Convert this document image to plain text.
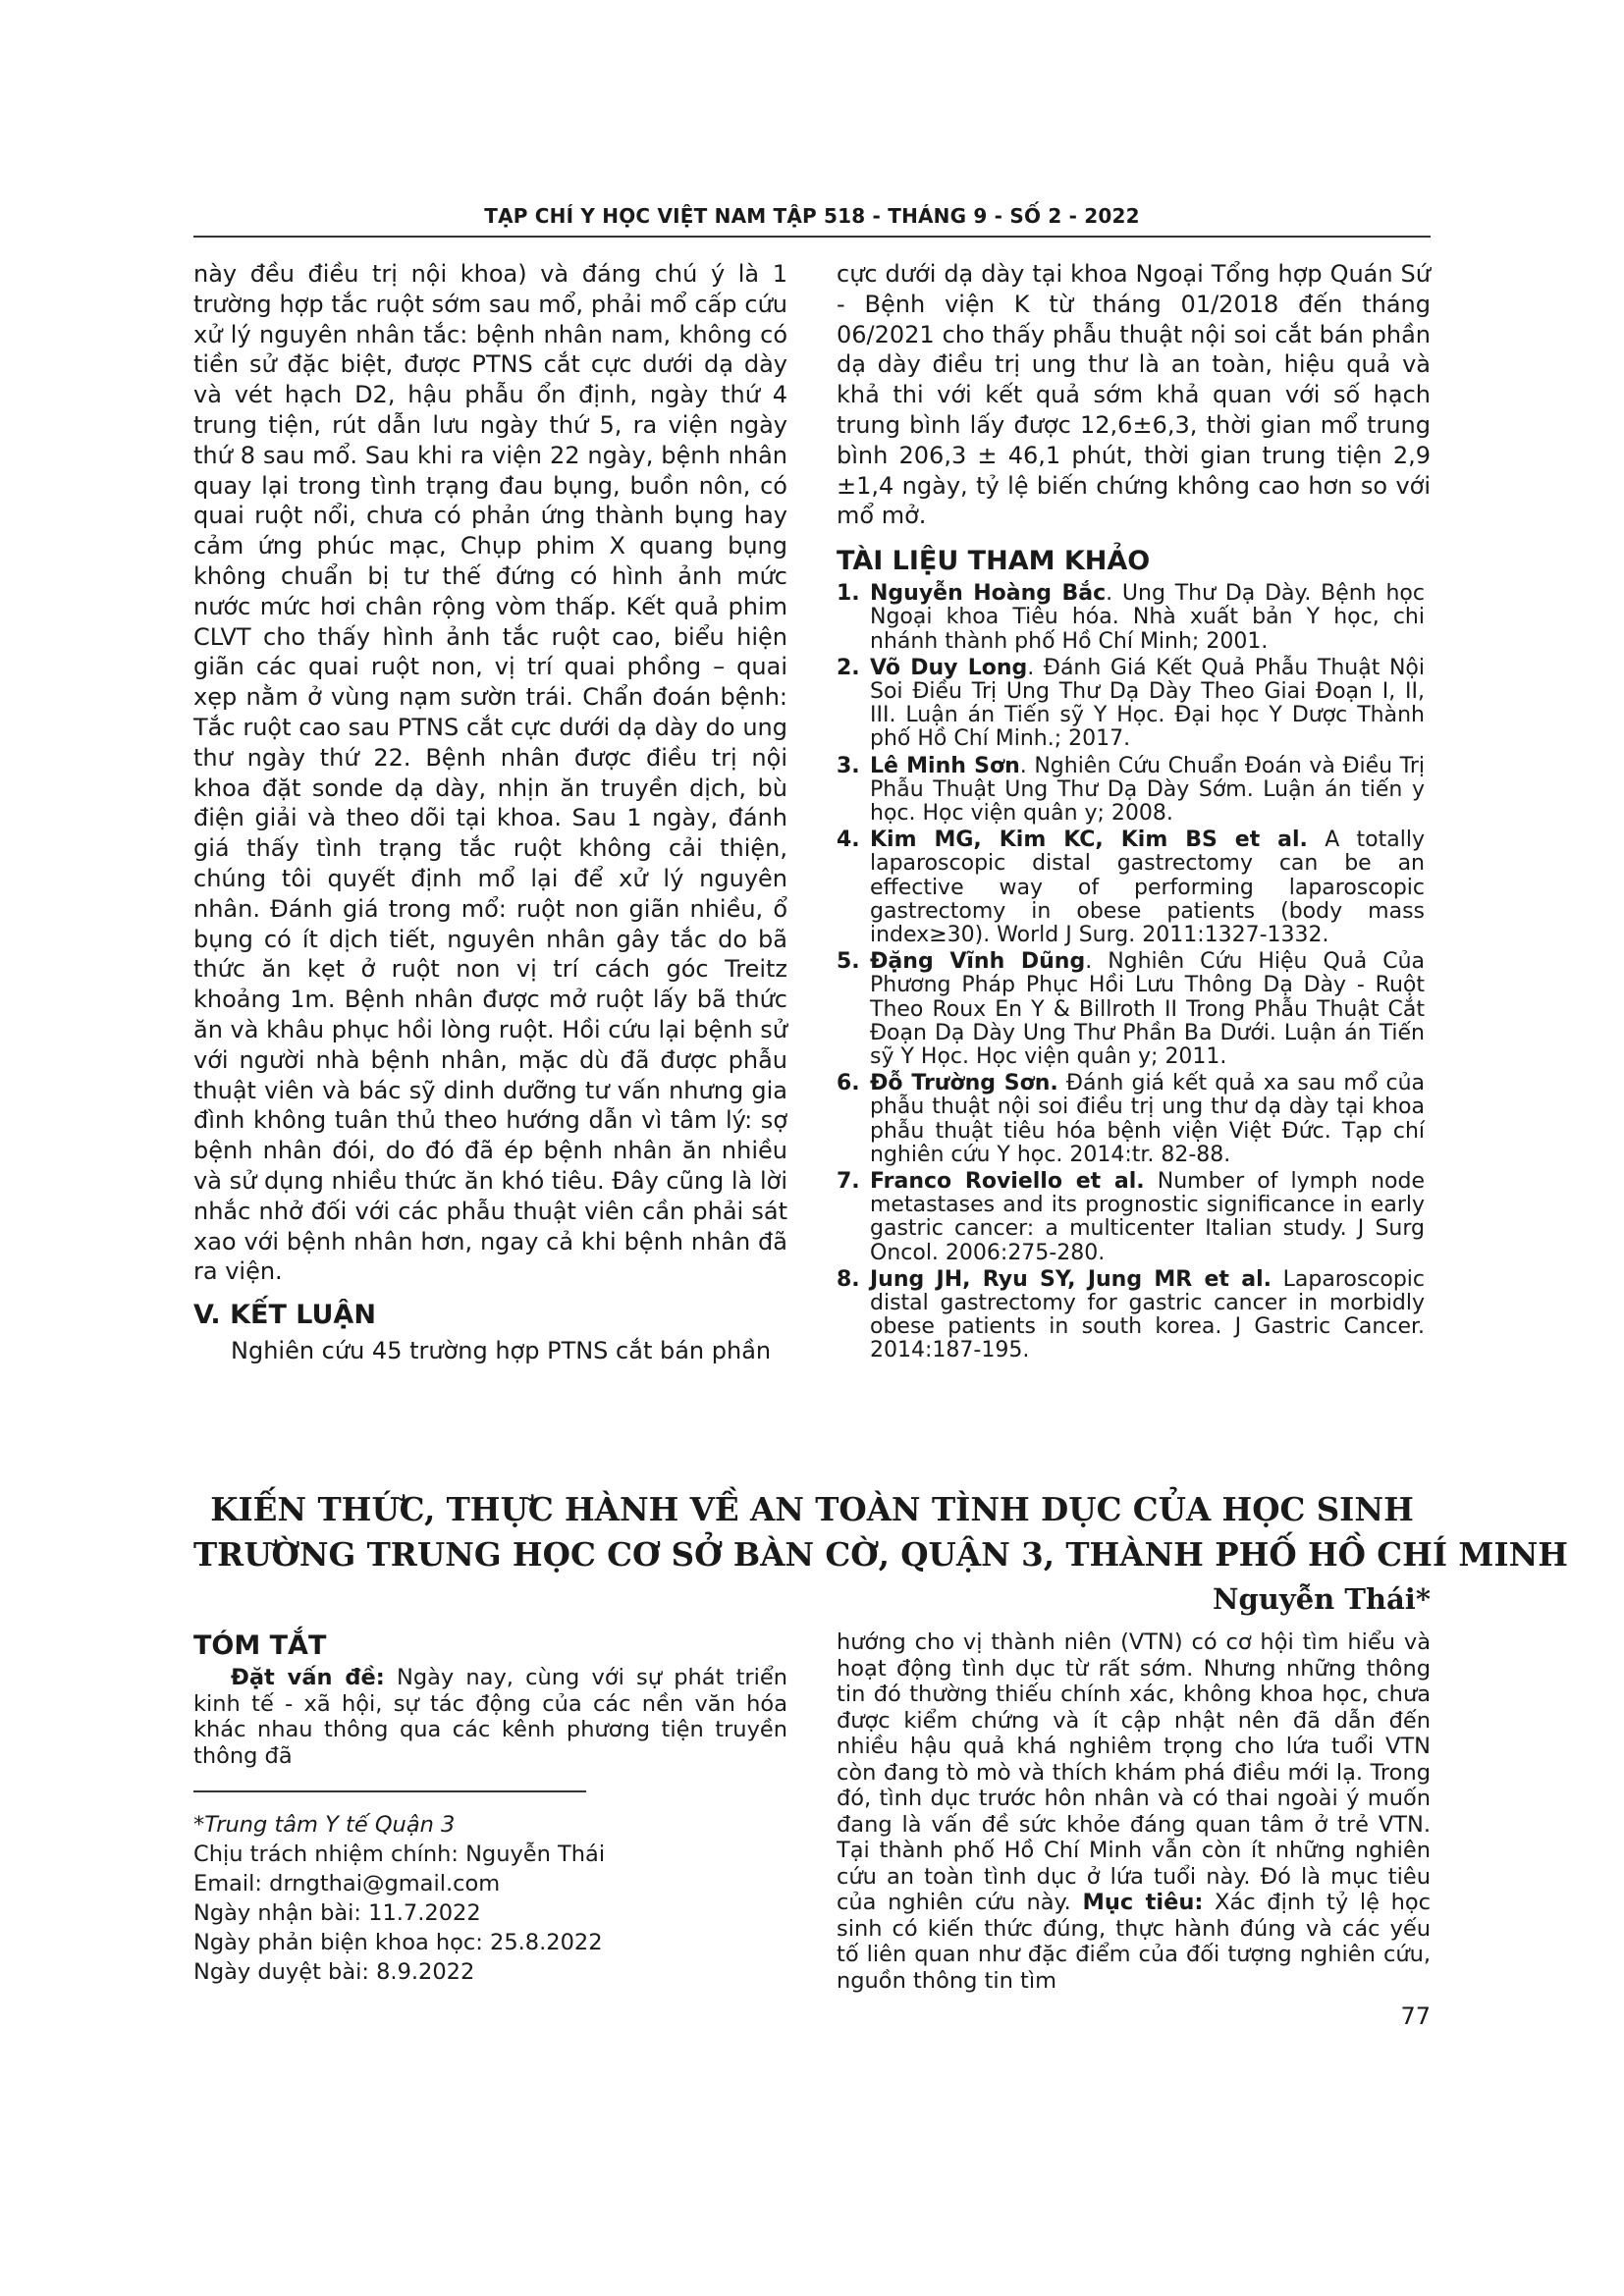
TẠP CHÍ Y HỌC VIỆT NAM TẬP 518 - THÁNG 9 - SỐ 2 - 2022

này đều điều trị nội khoa) và đáng chú ý là 1 trường hợp tắc ruột sớm sau mổ, phải mổ cấp cứu xử lý nguyên nhân tắc: bệnh nhân nam, không có tiền sử đặc biệt, được PTNS cắt cực dưới dạ dày và vét hạch D2, hậu phẫu ổn định, ngày thứ 4 trung tiện, rút dẫn lưu ngày thứ 5, ra viện ngày thứ 8 sau mổ. Sau khi ra viện 22 ngày, bệnh nhân quay lại trong tình trạng đau bụng, buồn nôn, có quai ruột nổi, chưa có phản ứng thành bụng hay cảm ứng phúc mạc, Chụp phim X quang bụng không chuẩn bị tư thế đứng có hình ảnh mức nước mức hơi chân rộng vòm thấp. Kết quả phim CLVT cho thấy hình ảnh tắc ruột cao, biểu hiện giãn các quai ruột non, vị trí quai phồng – quai xẹp nằm ở vùng nạm sườn trái. Chẩn đoán bệnh: Tắc ruột cao sau PTNS cắt cực dưới dạ dày do ung thư ngày thứ 22. Bệnh nhân được điều trị nội khoa đặt sonde dạ dày, nhịn ăn truyền dịch, bù điện giải và theo dõi tại khoa. Sau 1 ngày, đánh giá thấy tình trạng tắc ruột không cải thiện, chúng tôi quyết định mổ lại để xử lý nguyên nhân. Đánh giá trong mổ: ruột non giãn nhiều, ổ bụng có ít dịch tiết, nguyên nhân gây tắc do bã thức ăn kẹt ở ruột non vị trí cách góc Treitz khoảng 1m. Bệnh nhân được mở ruột lấy bã thức ăn và khâu phục hồi lòng ruột. Hồi cứu lại bệnh sử với người nhà bệnh nhân, mặc dù đã được phẫu thuật viên và bác sỹ dinh dưỡng tư vấn nhưng gia đình không tuân thủ theo hướng dẫn vì tâm lý: sợ bệnh nhân đói, do đó đã ép bệnh nhân ăn nhiều và sử dụng nhiều thức ăn khó tiêu. Đây cũng là lời nhắc nhở đối với các phẫu thuật viên cần phải sát xao với bệnh nhân hơn, ngay cả khi bệnh nhân đã ra viện.

V. KẾT LUẬN

Nghiên cứu 45 trường hợp PTNS cắt bán phần

cực dưới dạ dày tại khoa Ngoại Tổng hợp Quán Sứ - Bệnh viện K từ tháng 01/2018 đến tháng 06/2021 cho thấy phẫu thuật nội soi cắt bán phần dạ dày điều trị ung thư là an toàn, hiệu quả và khả thi với kết quả sớm khả quan với số hạch trung bình lấy được 12,6±6,3, thời gian mổ trung bình 206,3 ± 46,1 phút, thời gian trung tiện 2,9 ±1,4 ngày, tỷ lệ biến chứng không cao hơn so với mổ mở.

TÀI LIỆU THAM KHẢO
1. Nguyễn Hoàng Bắc. Ung Thư Dạ Dày. Bệnh học Ngoại khoa Tiêu hóa. Nhà xuất bản Y học, chi nhánh thành phố Hồ Chí Minh; 2001.
2. Võ Duy Long. Đánh Giá Kết Quả Phẫu Thuật Nội Soi Điều Trị Ung Thư Dạ Dày Theo Giai Đoạn I, II, III. Luận án Tiến sỹ Y Học. Đại học Y Dược Thành phố Hồ Chí Minh.; 2017.
3. Lê Minh Sơn. Nghiên Cứu Chuẩn Đoán và Điều Trị Phẫu Thuật Ung Thư Dạ Dày Sớm. Luận án tiến y học. Học viện quân y; 2008.
4. Kim MG, Kim KC, Kim BS et al. A totally laparoscopic distal gastrectomy can be an effective way of performing laparoscopic gastrectomy in obese patients (body mass index≥30). World J Surg. 2011:1327-1332.
5. Đặng Vĩnh Dũng. Nghiên Cứu Hiệu Quả Của Phương Pháp Phục Hồi Lưu Thông Dạ Dày - Ruột Theo Roux En Y & Billroth II Trong Phẫu Thuật Cắt Đoạn Dạ Dày Ung Thư Phần Ba Dưới. Luận án Tiến sỹ Y Học. Học viện quân y; 2011.
6. Đỗ Trường Sơn. Đánh giá kết quả xa sau mổ của phẫu thuật nội soi điều trị ung thư dạ dày tại khoa phẫu thuật tiêu hóa bệnh viện Việt Đức. Tạp chí nghiên cứu Y học. 2014:tr. 82-88.
7. Franco Roviello et al. Number of lymph node metastases and its prognostic significance in early gastric cancer: a multicenter Italian study. J Surg Oncol. 2006:275-280.
8. Jung JH, Ryu SY, Jung MR et al. Laparoscopic distal gastrectomy for gastric cancer in morbidly obese patients in south korea. J Gastric Cancer. 2014:187-195.
KIẾN THỨC, THỰC HÀNH VỀ AN TOÀN TÌNH DỤC CỦA HỌC SINH
TRƯỜNG TRUNG HỌC CƠ SỞ BÀN CỜ, QUẬN 3, THÀNH PHỐ HỒ CHÍ MINH
Nguyễn Thái*
TÓM TẮT

Đặt vấn đề: Ngày nay, cùng với sự phát triển kinh tế - xã hội, sự tác động của các nền văn hóa khác nhau thông qua các kênh phương tiện truyền thông đã

hướng cho vị thành niên (VTN) có cơ hội tìm hiểu và hoạt động tình dục từ rất sớm. Nhưng những thông tin đó thường thiếu chính xác, không khoa học, chưa được kiểm chứng và ít cập nhật nên đã dẫn đến nhiều hậu quả khá nghiêm trọng cho lứa tuổi VTN còn đang tò mò và thích khám phá điều mới lạ. Trong đó, tình dục trước hôn nhân và có thai ngoài ý muốn đang là vấn đề sức khỏe đáng quan tâm ở trẻ VTN. Tại thành phố Hồ Chí Minh vẫn còn ít những nghiên cứu an toàn tình dục ở lứa tuổi này. Đó là mục tiêu của nghiên cứu này. Mục tiêu: Xác định tỷ lệ học sinh có kiến thức đúng, thực hành đúng và các yếu tố liên quan như đặc điểm của đối tượng nghiên cứu, nguồn thông tin tìm

*Trung tâm Y tế Quận 3
Chịu trách nhiệm chính: Nguyễn Thái
Email: drngthai@gmail.com
Ngày nhận bài: 11.7.2022
Ngày phản biện khoa học: 25.8.2022
Ngày duyệt bài: 8.9.2022
77
